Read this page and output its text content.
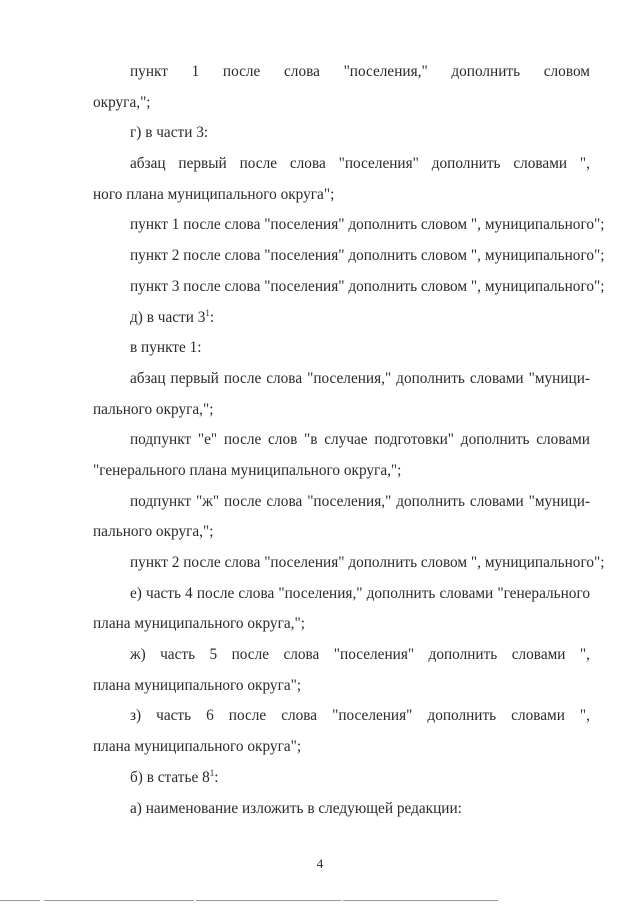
пункт 1 после слова "поселения," дополнить словом
округа,";
г) в части 3:
абзац первый после слова "поселения" дополнить словами ",
ного плана муниципального округа";
пункт 1 после слова "поселения" дополнить словом ", муниципального";
пункт 2 после слова "поселения" дополнить словом ", муниципального";
пункт 3 после слова "поселения" дополнить словом ", муниципального";
д) в части $3^1$:
в пункте 1:
абзац первый после слова "поселения," дополнить словами "муници-
пального округа,";
подпункт "е" после слов "в случае подготовки" дополнить словами
"генерального плана муниципального округа,";
подпункт "ж" после слова "поселения," дополнить словами "муници-
пального округа,";
пункт 2 после слова "поселения" дополнить словом ", муниципального";
е) часть 4 после слова "поселения," дополнить словами "генерального
плана муниципального округа,";
ж) часть 5 после слова "поселения" дополнить словами ",
плана муниципального округа";
з) часть 6 после слова "поселения" дополнить словами ",
плана муниципального округа";
б) в статье $8^1$:
а) наименование изложить в следующей редакции:
4
